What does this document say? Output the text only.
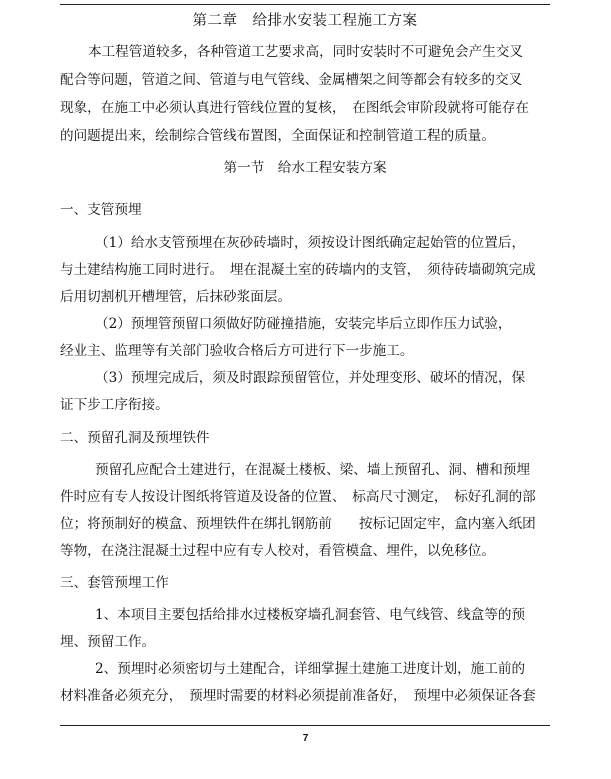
第二章　给排水安装工程施工方案
本工程管道较多，各种管道工艺要求高，同时安装时不可避免会产生交叉
配合等问题，管道之间、管道与电气管线、金属槽架之间等都会有较多的交叉
现象，在施工中必须认真进行管线位置的复核，　在图纸会审阶段就将可能存在
的问题提出来，绘制综合管线布置图，全面保证和控制管道工程的质量。
第一节　给水工程安装方案
一、支管预埋
（1）给水支管预埋在灰砂砖墙时，须按设计图纸确定起始管的位置后，
与土建结构施工同时进行。　埋在混凝土室的砖墙内的支管，　须待砖墙砌筑完成
后用切割机开槽埋管，后抹砂浆面层。
（2）预埋管预留口须做好防碰撞措施，安装完毕后立即作压力试验，
经业主、监理等有关部门验收合格后方可进行下一步施工。
（3）预埋完成后，须及时跟踪预留管位，并处理变形、破坏的情况，保
证下步工序衔接。
二、预留孔洞及预埋铁件
预留孔应配合土建进行，在混凝土楼板、梁、墙上预留孔、洞、槽和预埋
件时应有专人按设计图纸将管道及设备的位置、　标高尺寸测定，　标好孔洞的部
位；将预制好的模盒、预埋铁件在绑扎钢筋前　　按标记固定牢，盒内塞入纸团
等物，在浇注混凝土过程中应有专人校对，看管模盒、埋件，以免移位。
三、套管预埋工作
1、本项目主要包括给排水过楼板穿墙孔洞套管、电气线管、线盒等的预
埋、预留工作。
2、预埋时必须密切与土建配合，详细掌握土建施工进度计划，施工前的
材料准备必须充分，　预埋时需要的材料必须提前准备好，　预埋中必须保证各套
7
